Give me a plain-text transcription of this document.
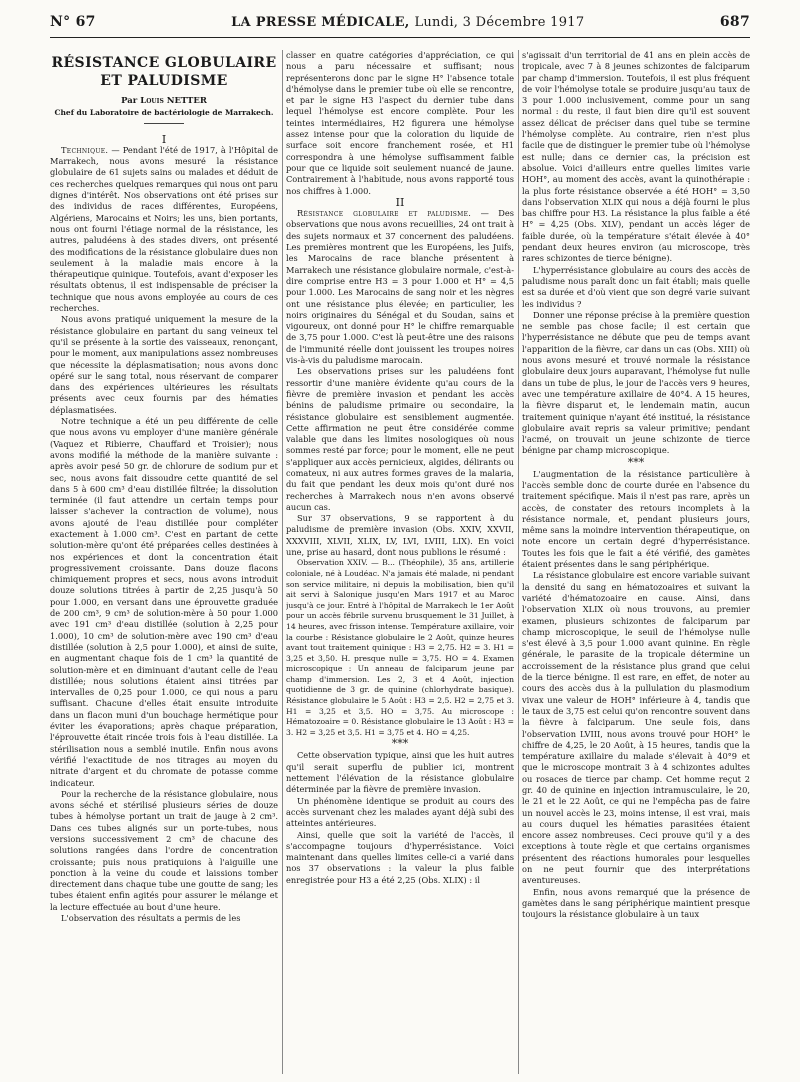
N° 67	LA PRESSE MÉDICALE, Lundi, 3 Décembre 1917	687
RÉSISTANCE GLOBULAIRE
ET PALUDISME

Par Louis NETTER

Chef du Laboratoire de bactériologie de Marrakech.

I

Technique. — Pendant l'été de 1917, à l'Hôpital de Marrakech, nous avons mesuré la résistance globulaire de 61 sujets sains ou malades et déduit de ces recherches quelques remarques qui nous ont paru dignes d'intérêt. Nos observations ont été prises sur des individus de races différentes, Européens, Algériens, Marocains et Noirs; les uns, bien portants, nous ont fourni l'étiage normal de la résistance, les autres, paludéens à des stades divers, ont présenté des modifications de la résistance globulaire dues non seulement à la maladie mais encore à la thérapeutique quinique. Toutefois, avant d'exposer les résultats obtenus, il est indispensable de préciser la technique que nous avons employée au cours de ces recherches.

Nous avons pratiqué uniquement la mesure de la résistance globulaire en partant du sang veineux tel qu'il se présente à la sortie des vaisseaux, renonçant, pour le moment, aux manipulations assez nombreuses que nécessite la déplasmatisation; nous avons donc opéré sur le sang total, nous réservant de comparer dans des expériences ultérieures les résultats présents avec ceux fournis par des hématies déplasmatisées.

Notre technique a été un peu différente de celle que nous avons vu employer d'une manière générale (Vaquez et Ribierre, Chauffard et Troisier); nous avons modifié la méthode de la manière suivante : après avoir pesé 50 gr. de chlorure de sodium pur et sec, nous avons fait dissoudre cette quantité de sel dans 5 à 600 cm³ d'eau distillée filtrée; la dissolution terminée (il faut attendre un certain temps pour laisser s'achever la contraction de volume), nous avons ajouté de l'eau distillée pour compléter exactement à 1.000 cm³. C'est en partant de cette solution-mère qu'ont été préparées celles destinées à nos expériences et dont la concentration était progressivement croissante. Dans douze flacons chimiquement propres et secs, nous avons introduit douze solutions titrées à partir de 2,25 jusqu'à 50 pour 1.000, en versant dans une éprouvette graduée de 200 cm³, 9 cm³ de solution-mère à 50 pour 1.000 avec 191 cm³ d'eau distillée (solution à 2,25 pour 1.000), 10 cm³ de solution-mère avec 190 cm³ d'eau distillée (solution à 2,5 pour 1.000), et ainsi de suite, en augmentant chaque fois de 1 cm³ la quantité de solution-mère et en diminuant d'autant celle de l'eau distillée; nous solutions étaient ainsi titrées par intervalles de 0,25 pour 1.000, ce qui nous a paru suffisant. Chacune d'elles était ensuite introduite dans un flacon muni d'un bouchage hermétique pour éviter les évaporations; après chaque préparation, l'éprouvette était rincée trois fois à l'eau distillée. La stérilisation nous a semblé inutile. Enfin nous avons vérifié l'exactitude de nos titrages au moyen du nitrate d'argent et du chromate de potasse comme indicateur.

Pour la recherche de la résistance globulaire, nous avons séché et stérilisé plusieurs séries de douze tubes à hémolyse portant un trait de jauge à 2 cm³. Dans ces tubes alignés sur un porte-tubes, nous versions successivement 2 cm³ de chacune des solutions rangées dans l'ordre de concentration croissante; puis nous pratiquions à l'aiguille une ponction à la veine du coude et laissions tomber directement dans chaque tube une goutte de sang; les tubes étaient enfin agités pour assurer le mélange et la lecture effectuée au bout d'une heure.

L'observation des résultats a permis de les

classer en quatre catégories d'appréciation, ce qui nous a paru nécessaire et suffisant; nous représenterons donc par le signe H° l'absence totale d'hémolyse dans le premier tube où elle se rencontre, et par le signe H3 l'aspect du dernier tube dans lequel l'hémolyse est encore complète. Pour les teintes intermédiaires, H2 figurera une hémolyse assez intense pour que la coloration du liquide de surface soit encore franchement rosée, et H1 correspondra à une hémolyse suffisamment faible pour que ce liquide soit seulement nuancé de jaune. Contrairement à l'habitude, nous avons rapporté tous nos chiffres à 1.000.

II

Résistance globulaire et paludisme. — Des observations que nous avons recueillies, 24 ont trait à des sujets normaux et 37 concernent des paludéens. Les premières montrent que les Européens, les Juifs, les Marocains de race blanche présentent à Marrakech une résistance globulaire normale, c'est-à-dire comprise entre H3 = 3 pour 1.000 et H° = 4,5 pour 1.000. Les Marocains de sang noir et les nègres ont une résistance plus élevée; en particulier, les noirs originaires du Sénégal et du Soudan, sains et vigoureux, ont donné pour H° le chiffre remarquable de 3,75 pour 1.000. C'est là peut-être une des raisons de l'immunité réelle dont jouissent les troupes noires vis-à-vis du paludisme marocain.

Les observations prises sur les paludéens font ressortir d'une manière évidente qu'au cours de la fièvre de première invasion et pendant les accès bénins de paludisme primaire ou secondaire, la résistance globulaire est sensiblement augmentée. Cette affirmation ne peut être considérée comme valable que dans les limites nosologiques où nous sommes resté par force; pour le moment, elle ne peut s'appliquer aux accès pernicieux, algides, délirants ou comateux, ni aux autres formes graves de la malaria, du fait que pendant les deux mois qu'ont duré nos recherches à Marrakech nous n'en avons observé aucun cas.

Sur 37 observations, 9 se rapportent à du paludisme de première invasion (Obs. XXIV, XXVII, XXXVIII, XLVII, XLIX, LV, LVI, LVIII, LIX). En voici une, prise au hasard, dont nous publions le résumé :

Observation XXIV. — B... (Théophile), 35 ans, artillerie coloniale, né à Loudéac. N'a jamais été malade, ni pendant son service militaire, ni depuis la mobilisation, bien qu'il ait servi à Salonique jusqu'en Mars 1917 et au Maroc jusqu'à ce jour. Entré à l'hôpital de Marrakech le 1er Août pour un accès fébrile survenu brusquement le 31 Juillet, à 14 heures, avec frisson intense. Température axillaire, voir la courbe : Résistance globulaire le 2 Août, quinze heures avant tout traitement quinique : H3 = 2,75. H2 = 3. H1 = 3,25 et 3,50. H. presque nulle = 3,75. HO = 4. Examen microscopique : Un anneau de falciparum jeune par champ d'immersion. Les 2, 3 et 4 Août, injection quotidienne de 3 gr. de quinine (chlorhydrate basique). Résistance globulaire le 5 Août : H3 = 2,5. H2 = 2,75 et 3. H1 = 3,25 et 3,5. HO = 3,75. Au microscope : Hématozoaire = 0. Résistance globulaire le 13 Août : H3 = 3. H2 = 3,25 et 3,5. H1 = 3,75 et 4. HO = 4,25.

***

Cette observation typique, ainsi que les huit autres qu'il serait superflu de publier ici, montrent nettement l'élévation de la résistance globulaire déterminée par la fièvre de première invasion.

Un phénomène identique se produit au cours des accès survenant chez les malades ayant déjà subi des atteintes antérieures.

Ainsi, quelle que soit la variété de l'accès, il s'accompagne toujours d'hyperrésistance. Voici maintenant dans quelles limites celle-ci a varié dans nos 37 observations : la valeur la plus faible enregistrée pour H3 a été 2,25 (Obs. XLIX) : il

s'agissait d'un territorial de 41 ans en plein accès de tropicale, avec 7 à 8 jeunes schizontes de falciparum par champ d'immersion. Toutefois, il est plus fréquent de voir l'hémolyse totale se produire jusqu'au taux de 3 pour 1.000 inclusivement, comme pour un sang normal : du reste, il faut bien dire qu'il est souvent assez délicat de préciser dans quel tube se termine l'hémolyse complète. Au contraire, rien n'est plus facile que de distinguer le premier tube où l'hémolyse est nulle; dans ce dernier cas, la précision est absolue. Voici d'ailleurs entre quelles limites varie HOH°, au moment des accès, avant la quinothérapie : la plus forte résistance observée a été HOH° = 3,50 dans l'observation XLIX qui nous a déjà fourni le plus bas chiffre pour H3. La résistance la plus faible a été H° = 4,25 (Obs. XLV), pendant un accès léger de faible durée, où la température s'était élevée à 40° pendant deux heures environ (au microscope, très rares schizontes de tierce bénigne).

L'hyperrésistance globulaire au cours des accès de paludisme nous paraît donc un fait établi; mais quelle est sa durée et d'où vient que son degré varie suivant les individus ?

Donner une réponse précise à la première question ne semble pas chose facile; il est certain que l'hyperrésistance ne débute que peu de temps avant l'apparition de la fièvre, car dans un cas (Obs. XIII) où nous avons mesuré et trouvé normale la résistance globulaire deux jours auparavant, l'hémolyse fut nulle dans un tube de plus, le jour de l'accès vers 9 heures, avec une température axillaire de 40°4. A 15 heures, la fièvre disparut et, le lendemain matin, aucun traitement quinique n'ayant été institué, la résistance globulaire avait repris sa valeur primitive; pendant l'acmé, on trouvait un jeune schizonte de tierce bénigne par champ microscopique.

***

L'augmentation de la résistance particulière à l'accès semble donc de courte durée en l'absence du traitement spécifique. Mais il n'est pas rare, après un accès, de constater des retours incomplets à la résistance normale, et, pendant plusieurs jours, même sans la moindre intervention thérapeutique, on note encore un certain degré d'hyperrésistance. Toutes les fois que le fait a été vérifié, des gamètes étaient présentes dans le sang périphérique.

La résistance globulaire est encore variable suivant la densité du sang en hématozoaires et suivant la variété d'hématozoaire en cause. Ainsi, dans l'observation XLIX où nous trouvons, au premier examen, plusieurs schizontes de falciparum par champ microscopique, le seuil de l'hémolyse nulle s'est élevé à 3,5 pour 1.000 avant quinine. En règle générale, le parasite de la tropicale détermine un accroissement de la résistance plus grand que celui de la tierce bénigne. Il est rare, en effet, de noter au cours des accès dus à la pullulation du plasmodium vivax une valeur de HOH° inférieure à 4, tandis que le taux de 3,75 est celui qu'on rencontre souvent dans la fièvre à falciparum. Une seule fois, dans l'observation LVIII, nous avons trouvé pour HOH° le chiffre de 4,25, le 20 Août, à 15 heures, tandis que la température axillaire du malade s'élevait à 40°9 et que le microscope montrait 3 à 4 schizontes adultes ou rosaces de tierce par champ. Cet homme reçut 2 gr. 40 de quinine en injection intramusculaire, le 20, le 21 et le 22 Août, ce qui ne l'empêcha pas de faire un nouvel accès le 23, moins intense, il est vrai, mais au cours duquel les hématies parasitées étaient encore assez nombreuses. Ceci prouve qu'il y a des exceptions à toute règle et que certains organismes présentent des réactions humorales pour lesquelles on ne peut fournir que des interprétations aventureuses.

Enfin, nous avons remarqué que la présence de gamètes dans le sang périphérique maintient presque toujours la résistance globulaire à un taux
